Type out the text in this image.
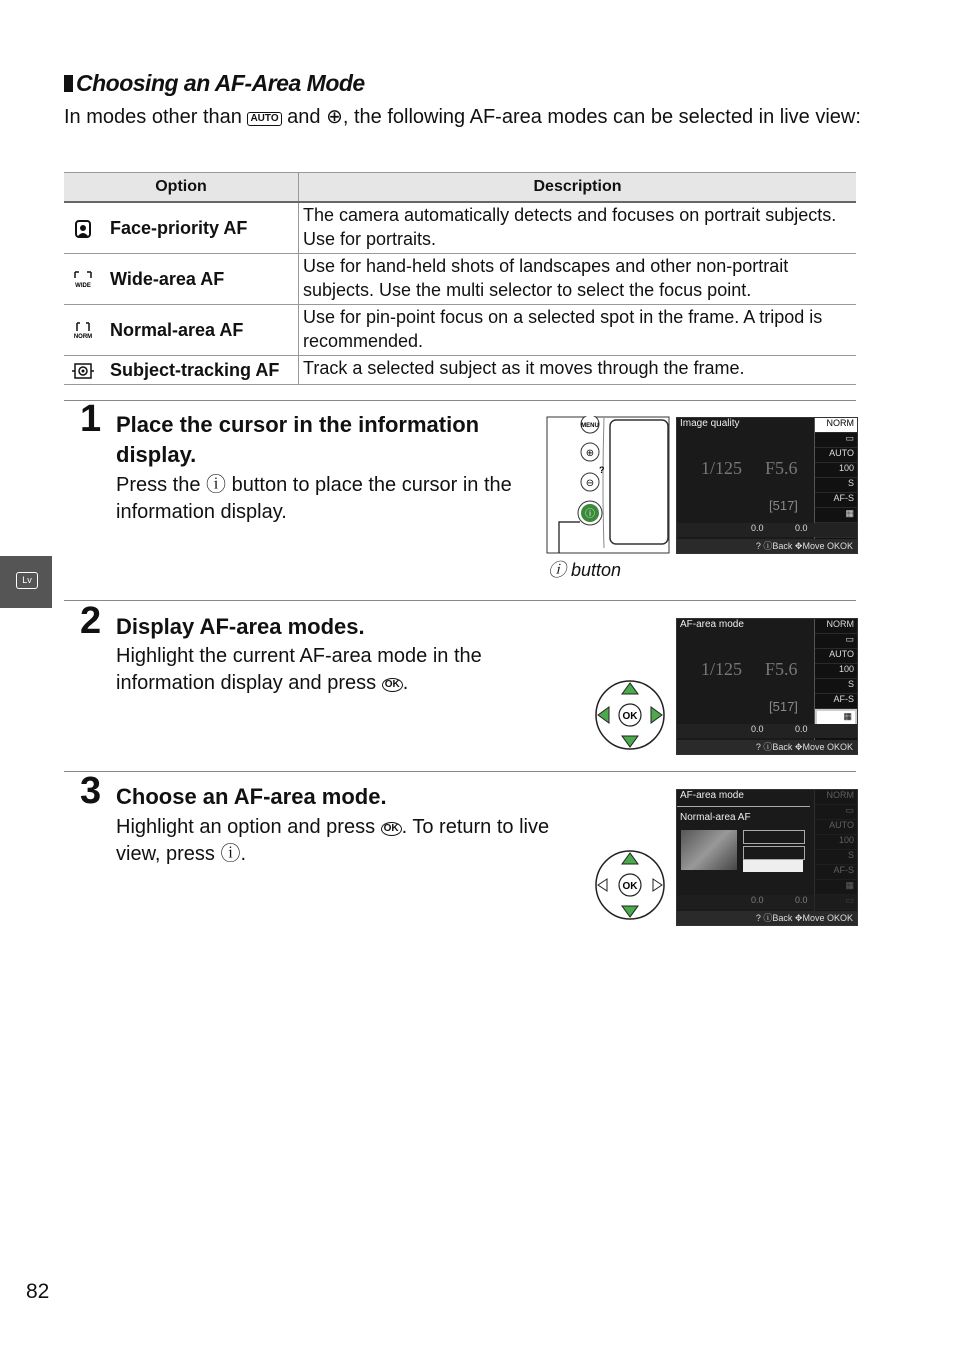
Choosing an AF-Area Mode
In modes other than AUTO and ⊕, the following AF-area modes can be selected in live view:
Option	Description
Face-priority AF	The camera automatically detects and focuses on portrait subjects. Use for portraits.

WIDE Wide-area AF	Use for hand-held shots of landscapes and other non-portrait subjects. Use the multi selector to select the focus point.

NORM Normal-area AF	Use for pin-point focus on a selected spot in the frame. A tripod is recommended.
Subject-tracking AF	Track a selected subject as it moves through the frame.
1 Place the cursor in the information display.
Press the ⓘ button to place the cursor in the information display.
MENU
⊕
?
⊖
ⓘ
ⓘ button
Image quality
1/125 F5.6
[517]
NORM
▭
AUTO
100
S
AF-S
▦
0.0	0.0
? ⓘBack ✥Move OKOK
2 Display AF-area modes.
Highlight the current AF-area mode in the information display and press OK .
OK
AF-area mode
1/125 F5.6
[517]
NORM
▭
AUTO
100
S
AF-S
▦
0.0	0.0
? ⓘBack ✥Move OKOK
3 Choose an AF-area mode.
Highlight an option and press OK . To return to live view, press ⓘ.
OK
AF-area mode
Normal-area AF
NORM
▭
AUTO
100
S
AF-S
▦
0.0	0.0
? ⓘBack ✥Move OKOK
Lv
82
